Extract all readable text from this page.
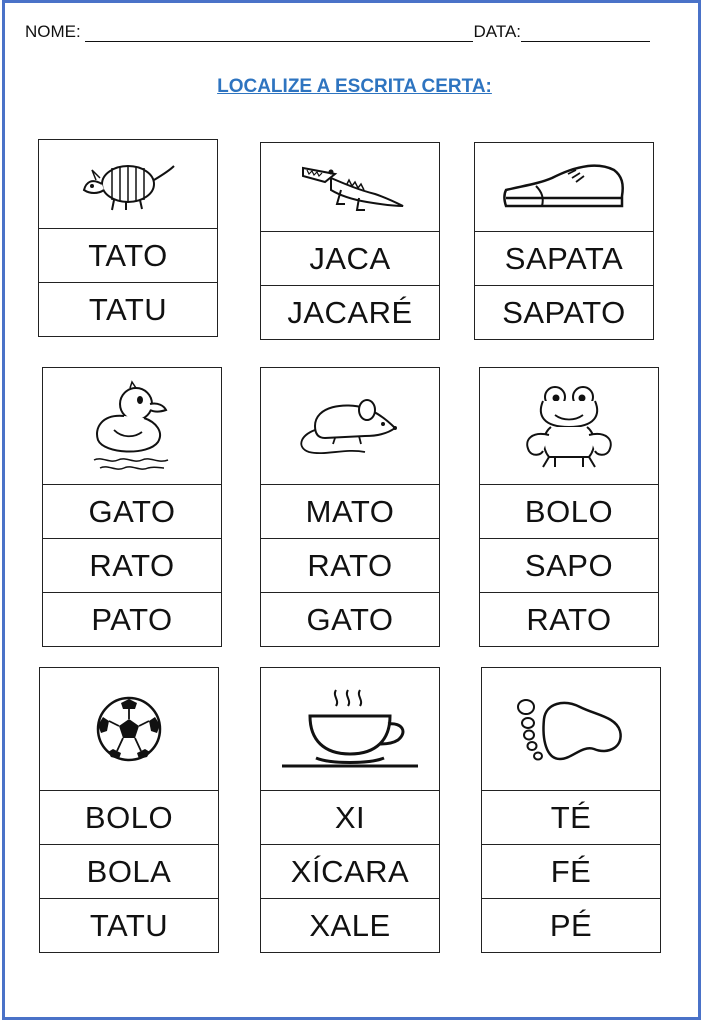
NOME:	DATA:
LOCALIZE A ESCRITA CERTA:
TATO
TATU
JACA
JACARÉ
SAPATA
SAPATO
GATO
RATO
PATO
MATO
RATO
GATO
BOLO
SAPO
RATO
BOLO
BOLA
TATU
XI
XÍCARA
XALE
TÉ
FÉ
PÉ
